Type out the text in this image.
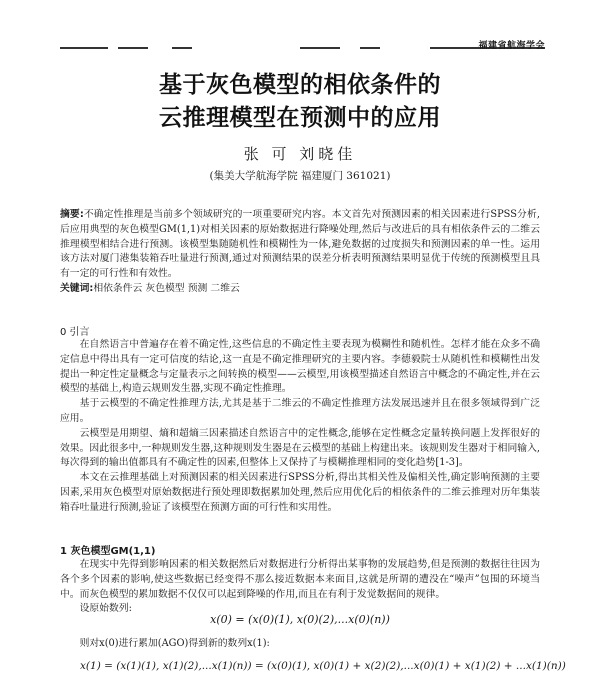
福建省航海学会
基于灰色模型的相依条件的
云推理模型在预测中的应用
张 可 刘晓佳
(集美大学航海学院 福建厦门 361021)

摘要:不确定性推理是当前多个领域研究的一项重要研究内容。本文首先对预测因素的相关因素进行SPSS分析,后应用典型的灰色模型GM(1,1)对相关因素的原始数据进行降噪处理,然后与改进后的具有相依条件云的二维云推理模型相结合进行预测。该模型集随随机性和模糊性为一体,避免数据的过度损失和预测因素的单一性。运用该方法对厦门港集装箱吞吐量进行预测,通过对预测结果的误差分析表明预测结果明显优于传统的预测模型且具有一定的可行性和有效性。

关键词:相依条件云 灰色模型 预测 二维云

0 引言

在自然语言中普遍存在着不确定性,这些信息的不确定性主要表现为模糊性和随机性。怎样才能在众多不确定信息中得出具有一定可信度的结论,这一直是不确定推理研究的主要内容。李德毅院士从随机性和模糊性出发提出一种定性定量概念与定量表示之间转换的模型——云模型,用该模型描述自然语言中概念的不确定性,并在云模型的基础上,构造云规则发生器,实现不确定性推理。

基于云模型的不确定性推理方法,尤其是基于二维云的不确定性推理方法发展迅速并且在很多领域得到广泛应用。

云模型是用期望、熵和超熵三因素描述自然语言中的定性概念,能够在定性概念定量转换问题上发挥很好的效果。因此很多中,一种规则发生器,这种规则发生器是在云模型的基础上构建出来。该规则发生器对于相同输入,每次得到的输出值都具有不确定性的因素,但整体上又保持了与模糊推理相同的变化趋势[1-3]。

本文在云推理基础上对预测因素的相关因素进行SPSS分析,得出其相关性及偏相关性,确定影响预测的主要因素,采用灰色模型对原始数据进行预处理即数据累加处理,然后应用优化后的相依条件的二维云推理对历年集装箱吞吐量进行预测,验证了该模型在预测方面的可行性和实用性。

1 灰色模型GM(1,1)

在现实中先得到影响因素的相关数据然后对数据进行分析得出某事物的发展趋势,但是预测的数据往往因为各个多个因素的影响,使这些数据已经变得不那么接近数据本来面目,这就是所谓的遭没在“噪声”包围的环境当中。而灰色模型的累加数据不仅仅可以起到降噪的作用,而且在有利于发觉数据间的规律。

设原始数列:

x(0) = (x(0)(1), x(0)(2),...x(0)(n))

则对x(0)进行累加(AGO)得到新的数列x(1):

x(1) = (x(1)(1), x(1)(2),...x(1)(n)) = (x(0)(1), x(0)(1) + x(2)(2),...x(0)(1) + x(1)(2) + ...x(1)(n))
